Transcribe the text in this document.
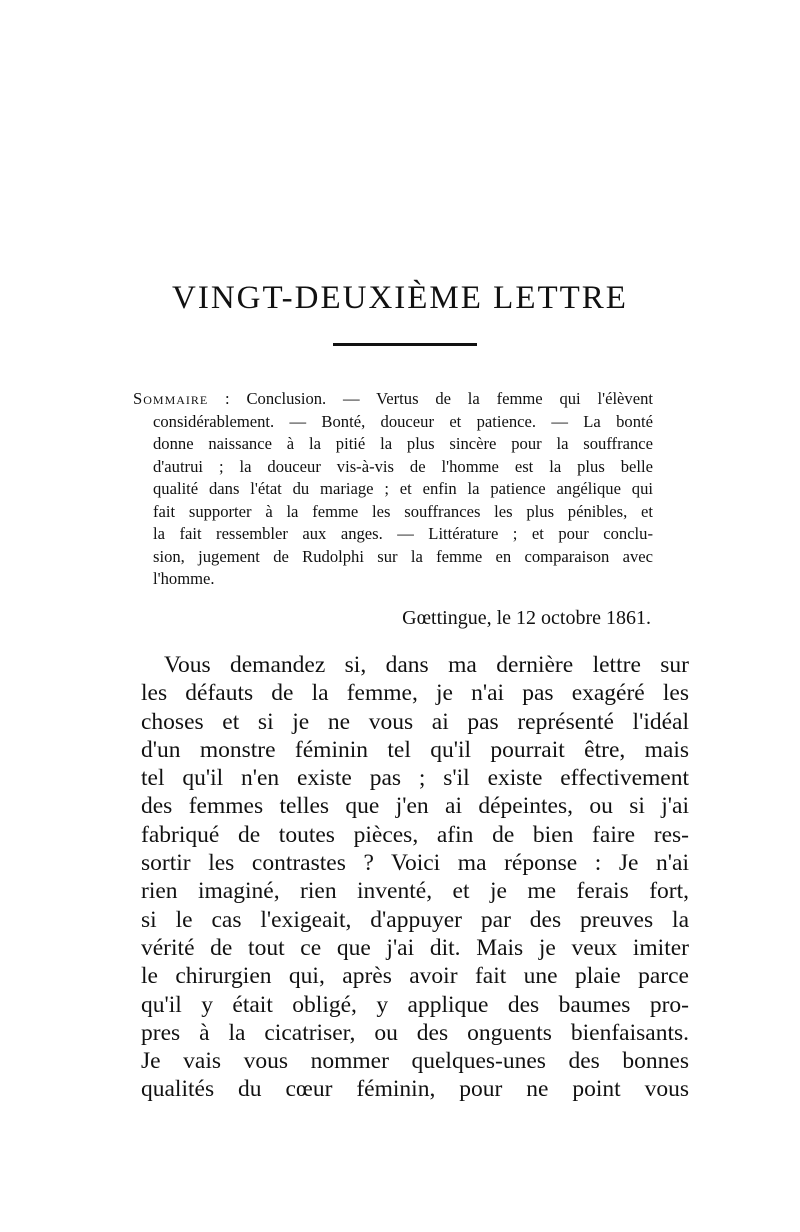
VINGT-DEUXIÈME LETTRE
Sommaire : Conclusion. — Vertus de la femme qui l'élèvent
considérablement. — Bonté, douceur et patience. — La bonté
donne naissance à la pitié la plus sincère pour la souffrance
d'autrui ; la douceur vis-à-vis de l'homme est la plus belle
qualité dans l'état du mariage ; et enfin la patience angélique qui
fait supporter à la femme les souffrances les plus pénibles, et
la fait ressembler aux anges. — Littérature ; et pour conclu-
sion, jugement de Rudolphi sur la femme en comparaison avec
l'homme.
Gœttingue, le 12 octobre 1861.
Vous demandez si, dans ma dernière lettre sur
les défauts de la femme, je n'ai pas exagéré les
choses et si je ne vous ai pas représenté l'idéal
d'un monstre féminin tel qu'il pourrait être, mais
tel qu'il n'en existe pas ; s'il existe effectivement
des femmes telles que j'en ai dépeintes, ou si j'ai
fabriqué de toutes pièces, afin de bien faire res-
sortir les contrastes ? Voici ma réponse : Je n'ai
rien imaginé, rien inventé, et je me ferais fort,
si le cas l'exigeait, d'appuyer par des preuves la
vérité de tout ce que j'ai dit. Mais je veux imiter
le chirurgien qui, après avoir fait une plaie parce
qu'il y était obligé, y applique des baumes pro-
pres à la cicatriser, ou des onguents bienfaisants.
Je vais vous nommer quelques-unes des bonnes
qualités du cœur féminin, pour ne point vous
